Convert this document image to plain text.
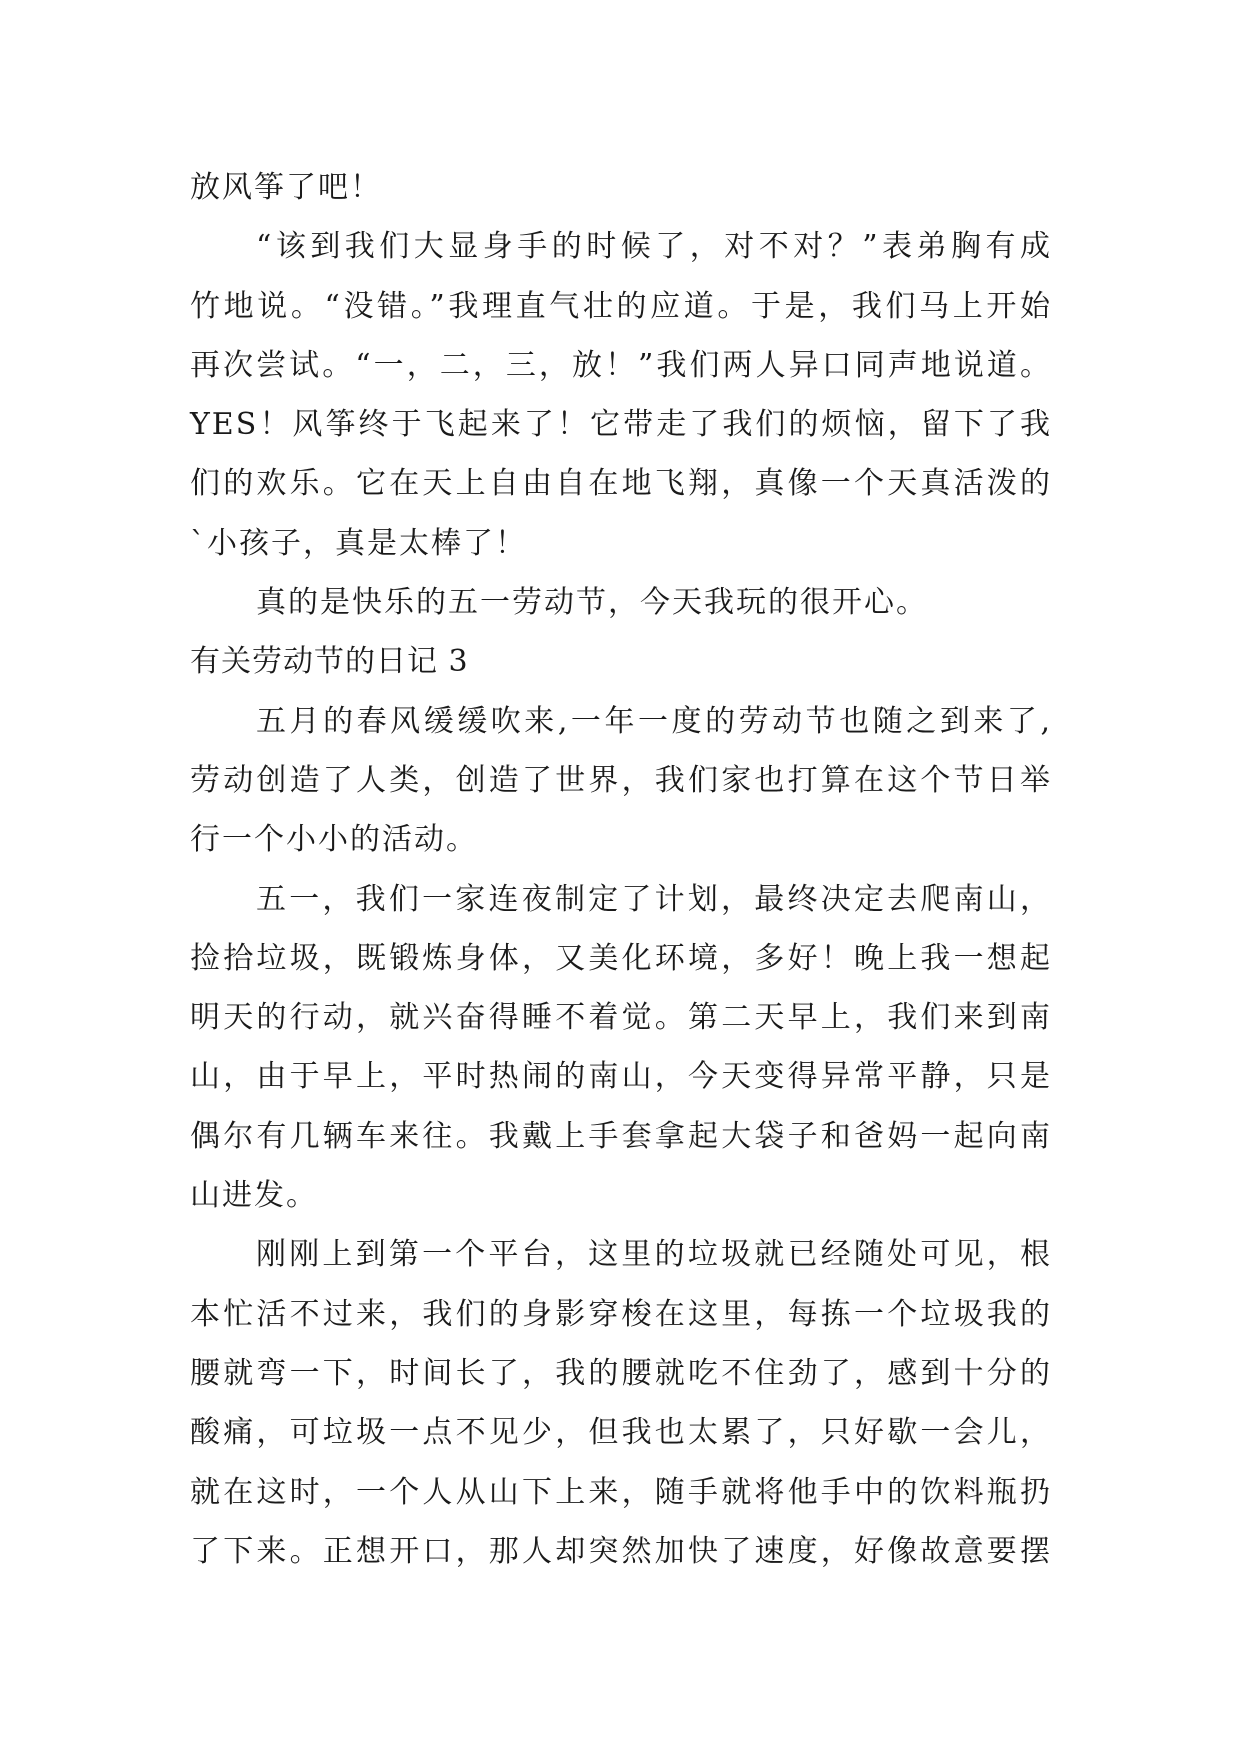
放风筝了吧！
“该到我们大显身手的时候了，对不对？”表弟胸有成
竹地说。“没错。”我理直气壮的应道。于是，我们马上开始
再次尝试。“一，二，三，放！”我们两人异口同声地说道。
YES！风筝终于飞起来了！它带走了我们的烦恼，留下了我
们的欢乐。它在天上自由自在地飞翔，真像一个天真活泼的
`小孩子，真是太棒了！
真的是快乐的五一劳动节，今天我玩的很开心。
有关劳动节的日记 3
五月的春风缓缓吹来,一年一度的劳动节也随之到来了,
劳动创造了人类，创造了世界，我们家也打算在这个节日举
行一个小小的活动。
五一，我们一家连夜制定了计划，最终决定去爬南山，
捡拾垃圾，既锻炼身体，又美化环境，多好！晚上我一想起
明天的行动，就兴奋得睡不着觉。第二天早上，我们来到南
山，由于早上，平时热闹的南山，今天变得异常平静，只是
偶尔有几辆车来往。我戴上手套拿起大袋子和爸妈一起向南
山进发。
刚刚上到第一个平台，这里的垃圾就已经随处可见，根
本忙活不过来，我们的身影穿梭在这里，每拣一个垃圾我的
腰就弯一下，时间长了，我的腰就吃不住劲了，感到十分的
酸痛，可垃圾一点不见少，但我也太累了，只好歇一会儿，
就在这时，一个人从山下上来，随手就将他手中的饮料瓶扔
了下来。正想开口，那人却突然加快了速度，好像故意要摆
